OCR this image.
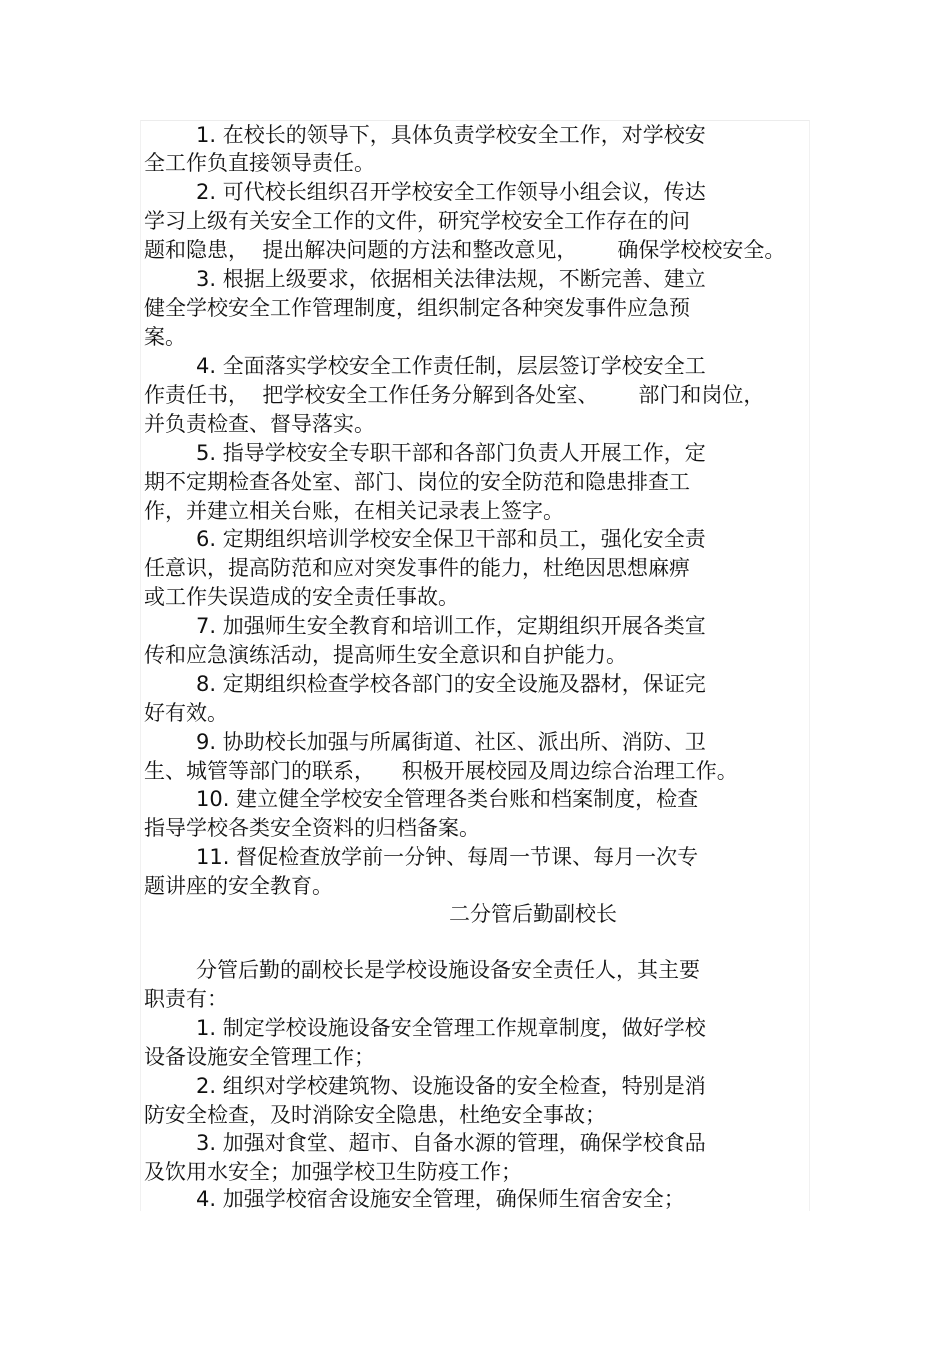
1. 在校长的领导下，具体负责学校安全工作，对学校安
全工作负直接领导责任。
2. 可代校长组织召开学校安全工作领导小组会议，传达
学习上级有关安全工作的文件，研究学校安全工作存在的问
题和隐患，  提出解决问题的方法和整改意见，      确保学校校安全。
3. 根据上级要求，依据相关法律法规，不断完善、建立
健全学校安全工作管理制度，组织制定各种突发事件应急预
案。
4. 全面落实学校安全工作责任制，层层签订学校安全工
作责任书，  把学校安全工作任务分解到各处室、      部门和岗位，
并负责检查、督导落实。
5. 指导学校安全专职干部和各部门负责人开展工作，定
期不定期检查各处室、部门、岗位的安全防范和隐患排查工
作，并建立相关台账，在相关记录表上签字。
6. 定期组织培训学校安全保卫干部和员工，强化安全责
任意识，提高防范和应对突发事件的能力，杜绝因思想麻痹
或工作失误造成的安全责任事故。
7. 加强师生安全教育和培训工作，定期组织开展各类宣
传和应急演练活动，提高师生安全意识和自护能力。
8. 定期组织检查学校各部门的安全设施及器材，保证完
好有效。
9. 协助校长加强与所属街道、社区、派出所、消防、卫
生、城管等部门的联系，    积极开展校园及周边综合治理工作。
10. 建立健全学校安全管理各类台账和档案制度，检查
指导学校各类安全资料的归档备案。
11. 督促检查放学前一分钟、每周一节课、每月一次专
题讲座的安全教育。
二分管后勤副校长
分管后勤的副校长是学校设施设备安全责任人，其主要
职责有：
1. 制定学校设施设备安全管理工作规章制度，做好学校
设备设施安全管理工作；
2. 组织对学校建筑物、设施设备的安全检查，特别是消
防安全检查，及时消除安全隐患，杜绝安全事故；
3. 加强对食堂、超市、自备水源的管理，确保学校食品
及饮用水安全；加强学校卫生防疫工作；
4. 加强学校宿舍设施安全管理，确保师生宿舍安全；
